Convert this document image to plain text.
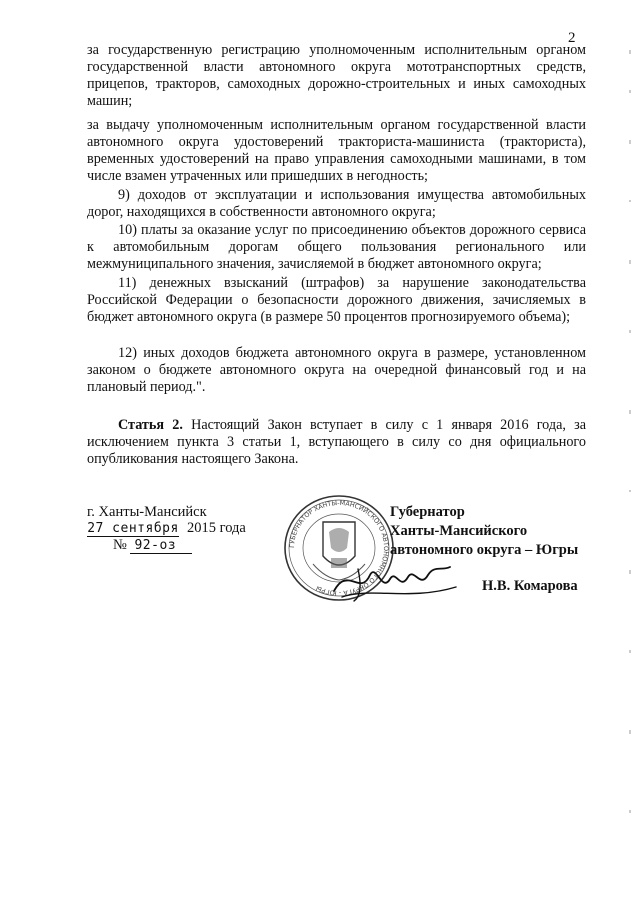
2

за государственную регистрацию уполномоченным исполнительным органом государственной власти автономного округа мототранспортных средств, прицепов, тракторов, самоходных дорожно-строительных и иных самоходных машин;

за выдачу уполномоченным исполнительным органом государственной власти автономного округа удостоверений тракториста-машиниста (тракториста), временных удостоверений на право управления самоходными машинами, в том числе взамен утраченных или пришедших в негодность;

9) доходов от эксплуатации и использования имущества автомобильных дорог, находящихся в собственности автономного округа;

10) платы за оказание услуг по присоединению объектов дорожного сервиса к автомобильным дорогам общего пользования регионального или межмуниципального значения, зачисляемой в бюджет автономного округа;

11) денежных взысканий (штрафов) за нарушение законодательства Российской Федерации о безопасности дорожного движения, зачисляемых в бюджет автономного округа (в размере 50 процентов прогнозируемого объема);

12) иных доходов бюджета автономного округа в размере, установленном законом о бюджете автономного округа на очередной финансовый год и на плановый период.".

Статья 2. Настоящий Закон вступает в силу с 1 января 2016 года, за исключением пункта 3 статьи 1, вступающего в силу со дня официального опубликования настоящего Закона.

г. Ханты-Мансийск
27 сентября 2015 года
№ 92-оз	ГУБЕРНАТОР ХАНТЫ-МАНСИЙСКОГО АВТОНОМНОГО ОКРУГА - ЮГРЫ
Губернатор
Ханты-Мансийского
автономного округа – Югры
Н.В. Комарова
